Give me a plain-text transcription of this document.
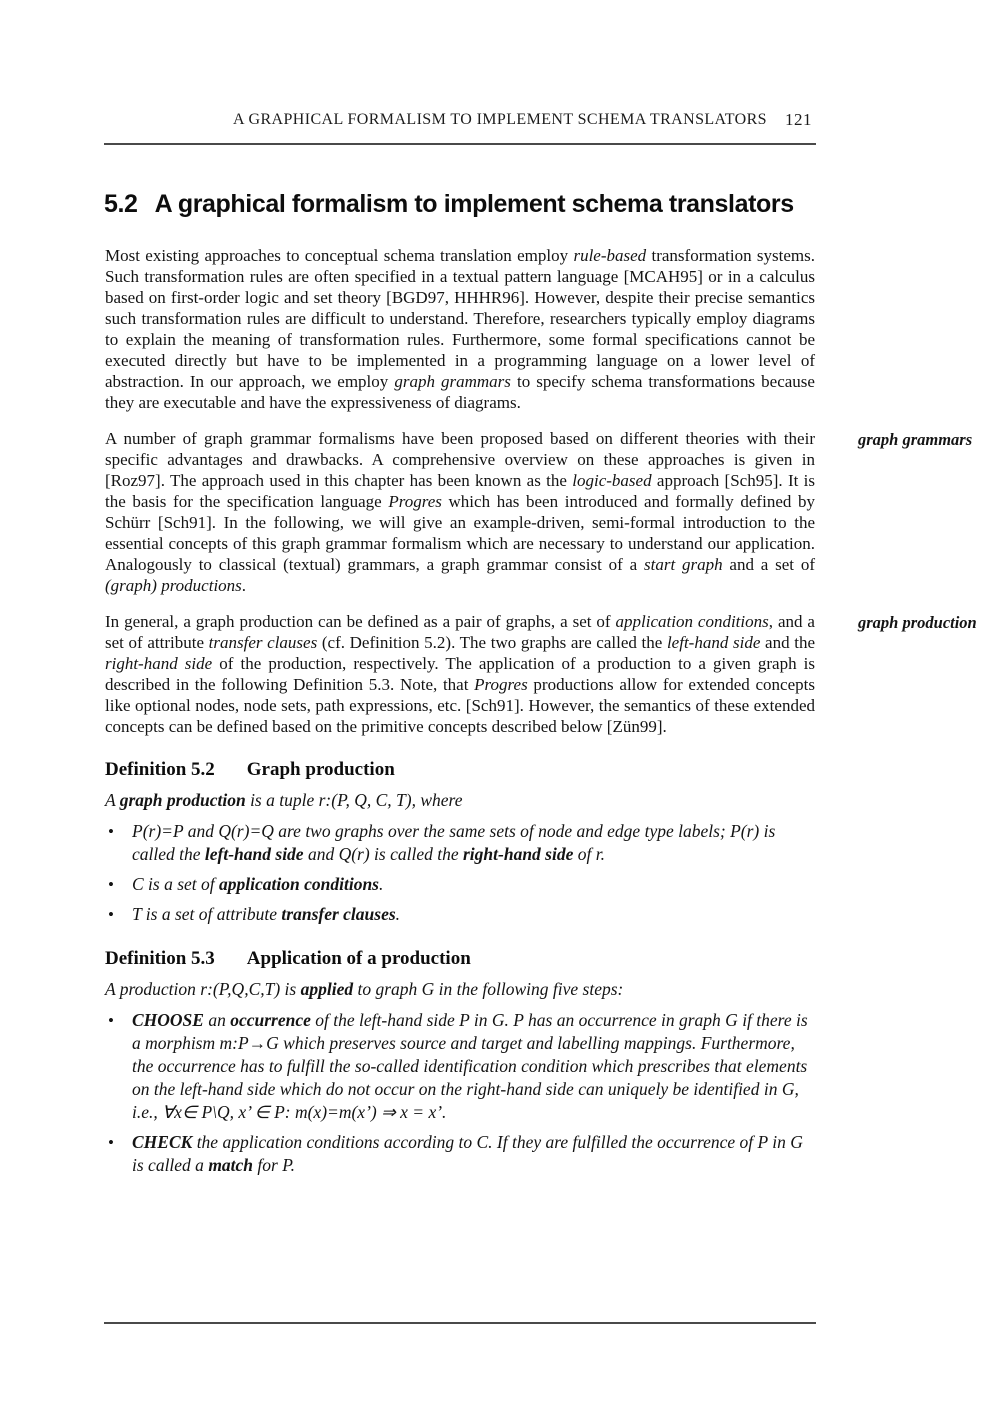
A GRAPHICAL FORMALISM TO IMPLEMENT SCHEMA TRANSLATORS 121
5.2 A graphical formalism to implement schema translators

Most existing approaches to conceptual schema translation employ rule-based transformation systems. Such transformation rules are often specified in a textual pattern language [MCAH95] or in a calculus based on first-order logic and set theory [BGD97, HHHR96]. However, despite their precise semantics such transformation rules are difficult to understand. Therefore, researchers typically employ diagrams to explain the meaning of transformation rules. Furthermore, some formal specifications cannot be executed directly but have to be implemented in a programming language on a lower level of abstraction. In our approach, we employ graph grammars to specify schema transformations because they are executable and have the expressiveness of diagrams.

A number of graph grammar formalisms have been proposed based on different theories with their specific advantages and drawbacks. A comprehensive overview on these approaches is given in [Roz97]. The approach used in this chapter has been known as the logic-based approach [Sch95]. It is the basis for the specification language Progres which has been introduced and formally defined by Schürr [Sch91]. In the following, we will give an example-driven, semi-formal introduction to the essential concepts of this graph grammar formalism which are necessary to understand our application. Analogously to classical (textual) grammars, a graph grammar consist of a start graph and a set of (graph) productions.

graph grammars

In general, a graph production can be defined as a pair of graphs, a set of application conditions, and a set of attribute transfer clauses (cf. Definition 5.2). The two graphs are called the left-hand side and the right-hand side of the production, respectively. The application of a production to a given graph is described in the following Definition 5.3. Note, that Progres productions allow for extended concepts like optional nodes, node sets, path expressions, etc. [Sch91]. However, the semantics of these extended concepts can be defined based on the primitive concepts described below [Zün99].

graph production
Definition 5.2 Graph production

A graph production is a tuple r:(P, Q, C, T), where

• P(r)=P and Q(r)=Q are two graphs over the same sets of node and edge type labels; P(r) is called the left-hand side and Q(r) is called the right-hand side of r.
• C is a set of application conditions.
• T is a set of attribute transfer clauses.
Definition 5.3 Application of a production

A production r:(P,Q,C,T) is applied to graph G in the following five steps:

• CHOOSE an occurrence of the left-hand side P in G. P has an occurrence in graph G if there is a morphism m:P→G which preserves source and target and labelling mappings. Furthermore, the occurrence has to fulfill the so-called identification condition which prescribes that elements on the left-hand side which do not occur on the right-hand side can uniquely be identified in G, i.e., ∀x∈ P\Q, x’ ∈ P: m(x)=m(x’) ⇒ x = x’.
• CHECK the application conditions according to C. If they are fulfilled the occurrence of P in G is called a match for P.
